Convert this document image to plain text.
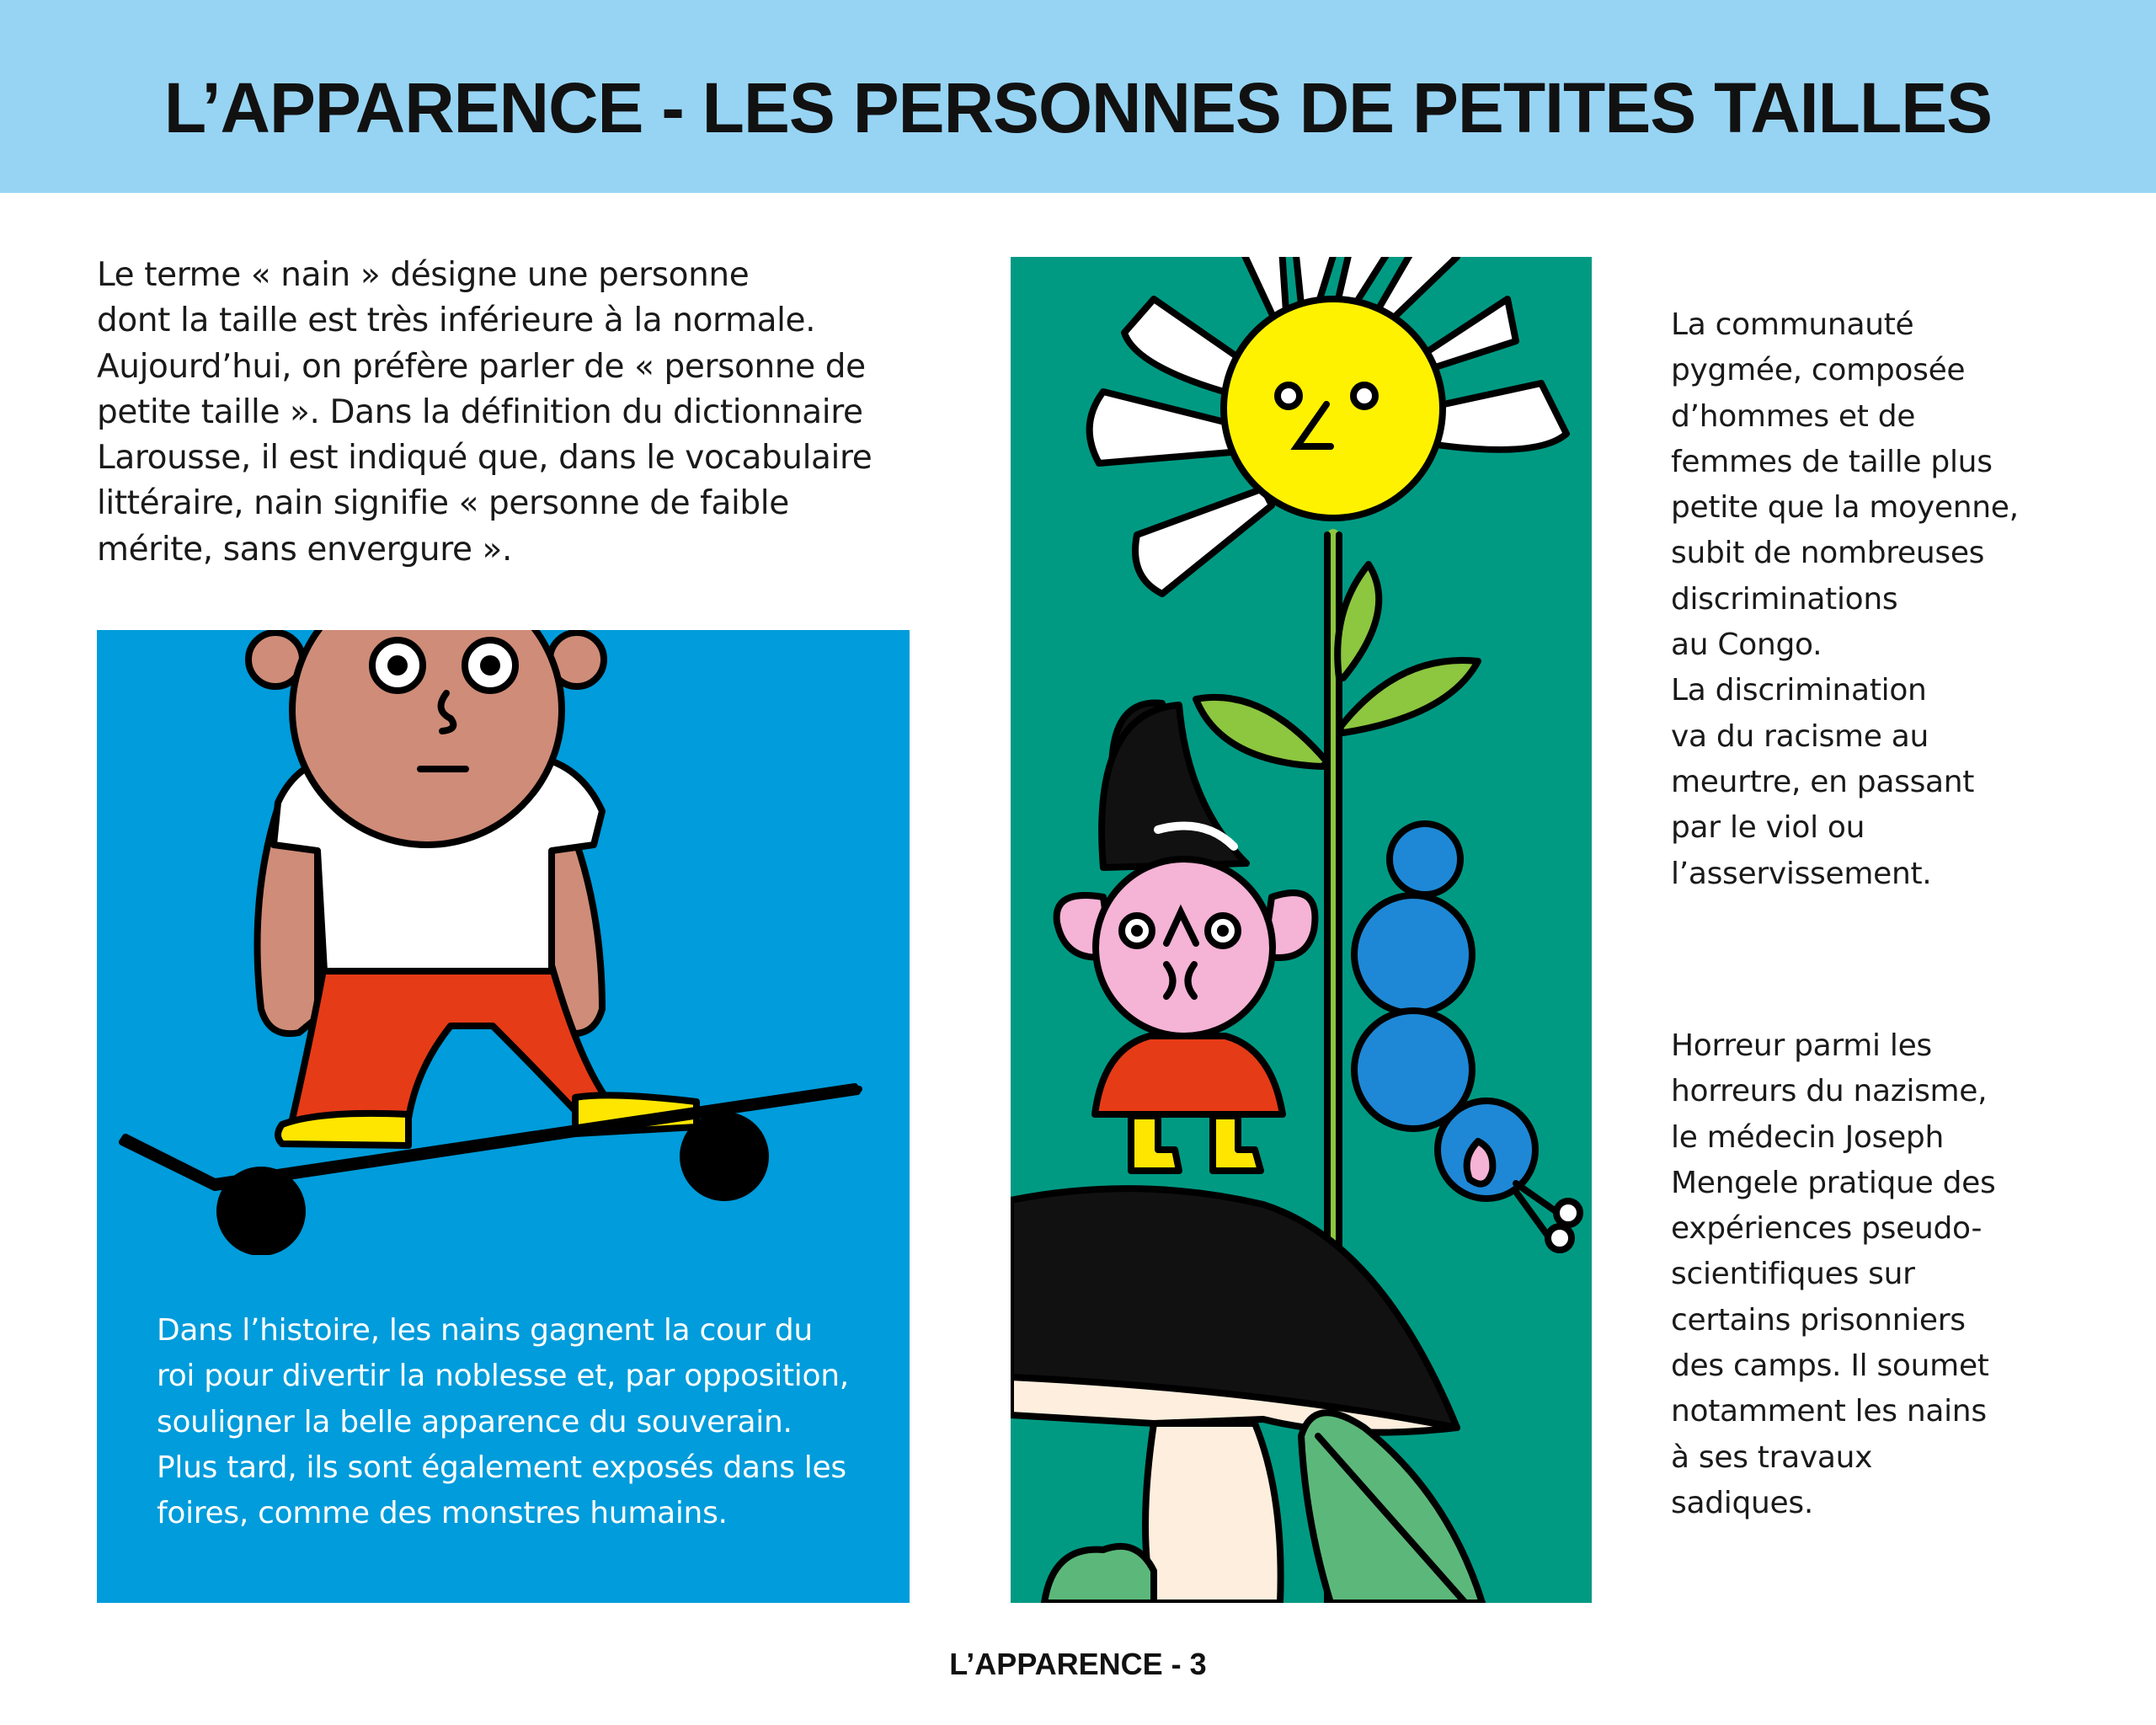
L’APPARENCE - LES PERSONNES DE PETITES TAILLES

Le terme « nain » désigne une personne
dont la taille est très inférieure à la normale.
Aujourd’hui, on préfère parler de « personne de
petite taille ». Dans la définition du dictionnaire
Larousse, il est indiqué que, dans le vocabulaire
littéraire, nain signifie « personne de faible
mérite, sans envergure ».

Dans l’histoire, les nains gagnent la cour du
roi pour divertir la noblesse et, par opposition,
souligner la belle apparence du souverain.
Plus tard, ils sont également exposés dans les
foires, comme des monstres humains.

La communauté
pygmée, composée
d’hommes et de
femmes de taille plus
petite que la moyenne,
subit de nombreuses
discriminations
au Congo.
La discrimination
va du racisme au
meurtre, en passant
par le viol ou
l’asservissement.

Horreur parmi les
horreurs du nazisme,
le médecin Joseph
Mengele pratique des
expériences pseudo-
scientifiques sur
certains prisonniers
des camps. Il soumet
notamment les nains
à ses travaux
sadiques.

L’APPARENCE - 3
